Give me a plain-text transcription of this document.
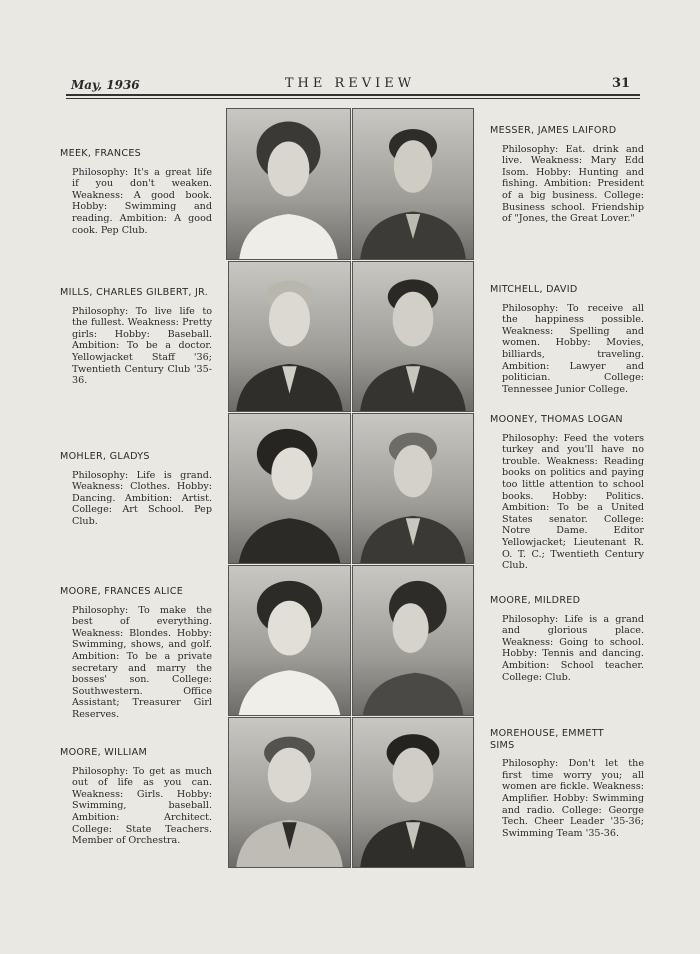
May, 1936	THE REVIEW	31
MEEK, FRANCES
Philosophy: It's a great life if you don't weaken. Weakness: A good book. Hobby: Swimming and reading. Ambition: A good cook. Pep Club.
MILLS, CHARLES GILBERT, JR.
Philosophy: To live life to the fullest. Weakness: Pretty girls: Hobby: Baseball. Ambition: To be a doctor. Yellowjacket Staff '36; Twentieth Century Club '35-36.
MOHLER, GLADYS
Philosophy: Life is grand. Weakness: Clothes. Hobby: Dancing. Ambition: Artist. College: Art School. Pep Club.
MOORE, FRANCES ALICE
Philosophy: To make the best of everything. Weakness: Blondes. Hobby: Swimming, shows, and golf. Ambition: To be a private secretary and marry the bosses' son. College: Southwestern. Office Assistant; Treasurer Girl Reserves.
MOORE, WILLIAM
Philosophy: To get as much out of life as you can. Weakness: Girls. Hobby: Swimming, baseball. Ambition: Architect. College: State Teachers. Member of Orchestra.
MESSER, JAMES LAIFORD
Philosophy: Eat. drink and live. Weakness: Mary Edd Isom. Hobby: Hunting and fishing. Ambition: President of a big business. College: Business school. Friendship of "Jones, the Great Lover."
MITCHELL, DAVID
Philosophy: To receive all the happiness possible. Weakness: Spelling and women. Hobby: Movies, billiards, traveling. Ambition: Lawyer and politician. College: Tennessee Junior College.
MOONEY, THOMAS LOGAN
Philosophy: Feed the voters turkey and you'll have no trouble. Weakness: Reading books on politics and paying too little attention to school books. Hobby: Politics. Ambition: To be a United States senator. College: Notre Dame. Editor Yellowjacket; Lieutenant R. O. T. C.; Twentieth Century Club.
MOORE, MILDRED
Philosophy: Life is a grand and glorious place. Weakness: Going to school. Hobby: Tennis and dancing. Ambition: School teacher. College: Club.
MOREHOUSE, EMMETT SIMS
Philosophy: Don't let the first time worry you; all women are fickle. Weakness: Amplifier. Hobby: Swimming and radio. College: George Tech. Cheer Leader '35-36; Swimming Team '35-36.
